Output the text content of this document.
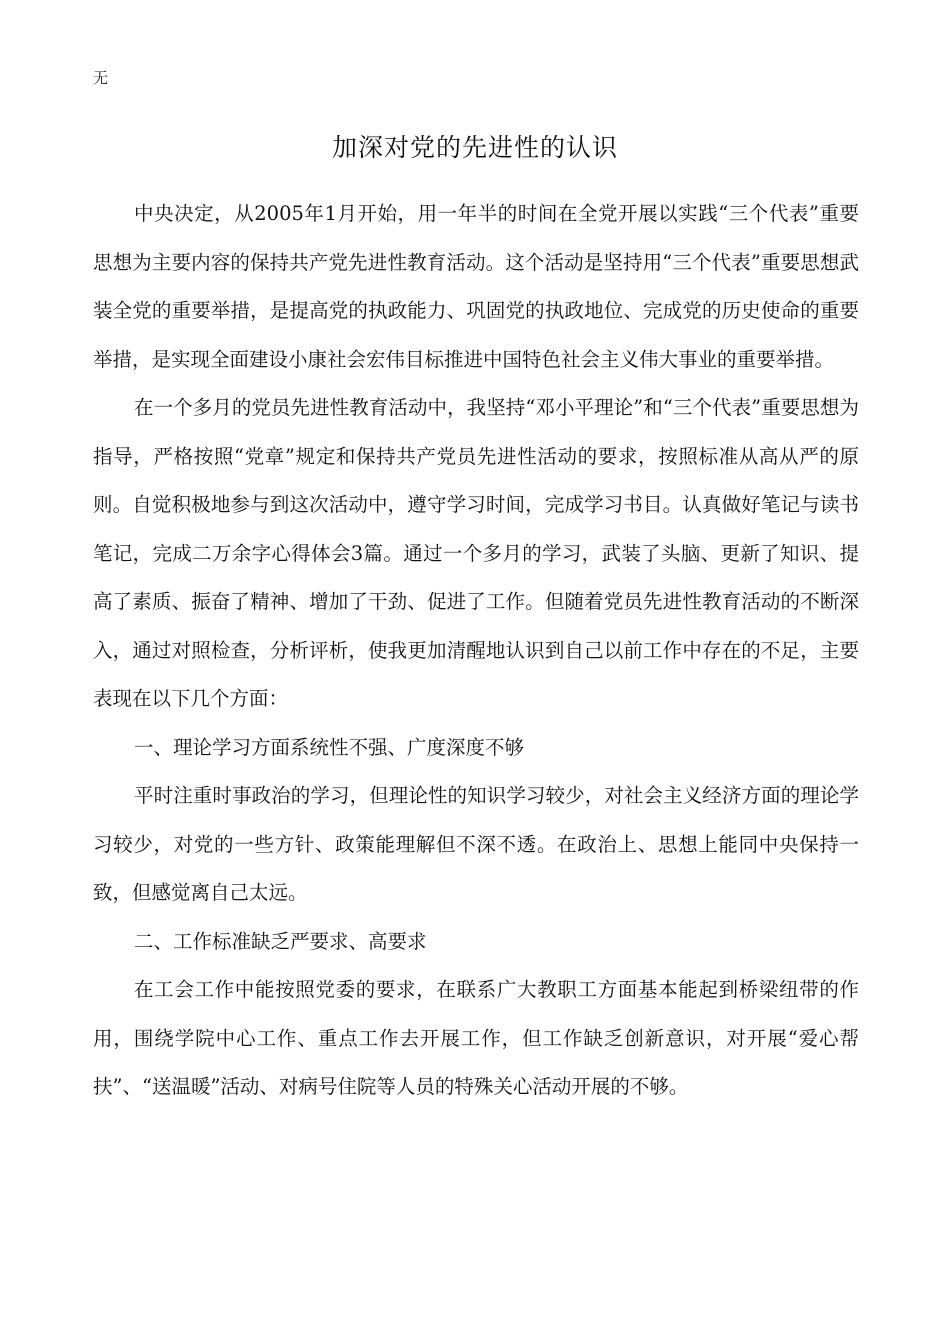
无
加深对党的先进性的认识

中央决定，从2005年1月开始，用一年半的时间在全党开展以实践“三个代表”重要思想为主要内容的保持共产党先进性教育活动。这个活动是坚持用“三个代表”重要思想武装全党的重要举措，是提高党的执政能力、巩固党的执政地位、完成党的历史使命的重要举措，是实现全面建设小康社会宏伟目标推进中国特色社会主义伟大事业的重要举措。

在一个多月的党员先进性教育活动中，我坚持“邓小平理论”和“三个代表”重要思想为指导，严格按照“党章”规定和保持共产党员先进性活动的要求，按照标准从高从严的原则。自觉积极地参与到这次活动中，遵守学习时间，完成学习书目。认真做好笔记与读书笔记，完成二万余字心得体会3篇。通过一个多月的学习，武装了头脑、更新了知识、提高了素质、振奋了精神、增加了干劲、促进了工作。但随着党员先进性教育活动的不断深入，通过对照检查，分析评析，使我更加清醒地认识到自己以前工作中存在的不足，主要表现在以下几个方面：

一、理论学习方面系统性不强、广度深度不够

平时注重时事政治的学习，但理论性的知识学习较少，对社会主义经济方面的理论学习较少，对党的一些方针、政策能理解但不深不透。在政治上、思想上能同中央保持一致，但感觉离自己太远。

二、工作标准缺乏严要求、高要求

在工会工作中能按照党委的要求，在联系广大教职工方面基本能起到桥梁纽带的作用，围绕学院中心工作、重点工作去开展工作，但工作缺乏创新意识，对开展“爱心帮扶”、“送温暖”活动、对病号住院等人员的特殊关心活动开展的不够。
